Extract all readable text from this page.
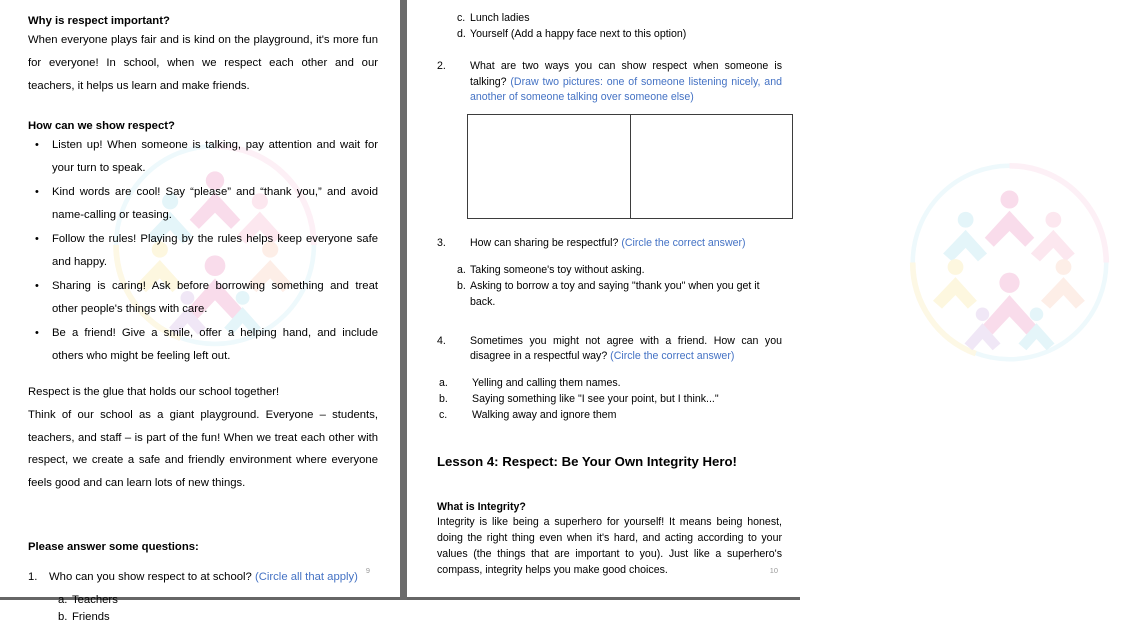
Why is respect important?

When everyone plays fair and is kind on the playground, it's more fun for everyone! In school, when we respect each other and our teachers, it helps us learn and make friends.

How can we show respect?

• Listen up! When someone is talking, pay attention and wait for your turn to speak.
• Kind words are cool! Say “please” and “thank you,” and avoid name-calling or teasing.
• Follow the rules! Playing by the rules helps keep everyone safe and happy.
• Sharing is caring! Ask before borrowing something and treat other people's things with care.
• Be a friend! Give a smile, offer a helping hand, and include others who might be feeling left out.

Respect is the glue that holds our school together!

Think of our school as a giant playground. Everyone – students, teachers, and staff – is part of the fun! When we treat each other with respect, we create a safe and friendly environment where everyone feels good and can learn lots of new things.

Please answer some questions:

1.	Who can you show respect to at school? (Circle all that apply)
a. Teachers
b. Friends
9
c. Lunch ladies
d. Yourself (Add a happy face next to this option)
2.	What are two ways you can show respect when someone is talking? (Draw two pictures: one of someone listening nicely, and another of someone talking over someone else)
3.	How can sharing be respectful? (Circle the correct answer)
a. Taking someone's toy without asking.
b. Asking to borrow a toy and saying "thank you" when you get it back.
4.	Sometimes you might not agree with a friend. How can you disagree in a respectful way? (Circle the correct answer)
a.	Yelling and calling them names.
b.	Saying something like "I see your point, but I think..."
c.	Walking away and ignore them

Lesson 4: Respect: Be Your Own Integrity Hero!

What is Integrity?

Integrity is like being a superhero for yourself! It means being honest, doing the right thing even when it's hard, and acting according to your values (the things that are important to you). Just like a superhero's compass, integrity helps you make good choices.	10
